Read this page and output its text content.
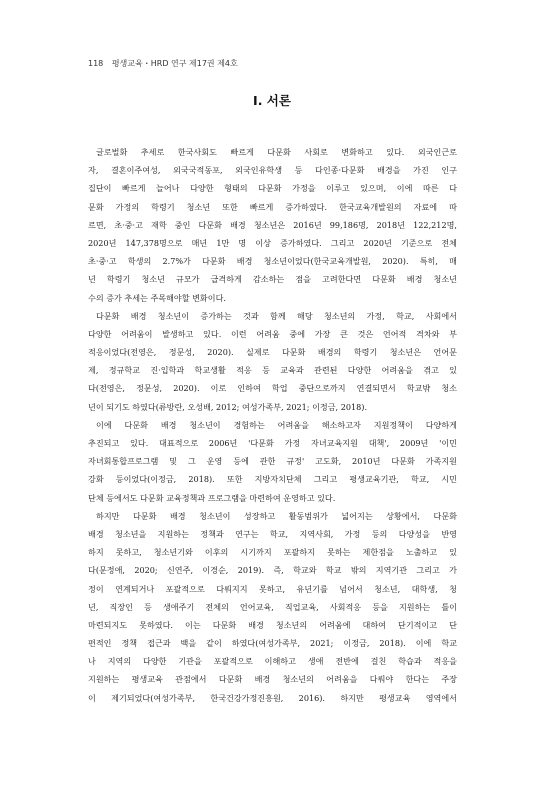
118 평생교육・HRD 연구 제17권 제4호
Ⅰ. 서론
글로벌화 추세로 한국사회도 빠르게 다문화 사회로 변화하고 있다. 외국인근로
자, 결혼이주여성, 외국국적동포, 외국인유학생 등 다인종·다문화 배경을 가진 인구
집단이 빠르게 늘어나 다양한 형태의 다문화 가정을 이루고 있으며, 이에 따른 다
문화 가정의 학령기 청소년 또한 빠르게 증가하였다. 한국교육개발원의 자료에 따
르면, 초·중·고 재학 중인 다문화 배경 청소년은 2016년 99,186명, 2018년 122,212명,
2020년 147,378명으로 매년 1만 명 이상 증가하였다. 그리고 2020년 기준으로 전체
초·중·고 학생의 2.7%가 다문화 배경 청소년이었다(한국교육개발원, 2020). 특히, 매
년 학령기 청소년 규모가 급격하게 감소하는 점을 고려한다면 다문화 배경 청소년
수의 증가 추세는 주목해야할 변화이다.
다문화 배경 청소년이 증가하는 것과 함께 해당 청소년의 가정, 학교, 사회에서
다양한 어려움이 발생하고 있다. 이런 어려움 중에 가장 큰 것은 언어적 격차와 부
적응이었다(전영은, 정문성, 2020). 실제로 다문화 배경의 학령기 청소년은 언어문
제, 정규학교 진·입학과 학교생활 적응 등 교육과 관련된 다양한 어려움을 겪고 있
다(전영은, 정문성, 2020). 이로 인하여 학업 중단으로까지 연결되면서 학교밖 청소
년이 되기도 하였다(류방란, 오성배, 2012; 여성가족부, 2021; 이정금, 2018).
이에 다문화 배경 청소년이 경험하는 어려움을 해소하고자 지원정책이 다양하게
추진되고 있다. 대표적으로 2006년 '다문화 가정 자녀교육지원 대책', 2009년 '이민
자녀회통합프로그램 및 그 운영 등에 관한 규정' 고도화, 2010년 다문화 가족지원
강화 등이었다(이정금, 2018). 또한 지방자치단체 그리고 평생교육기관, 학교, 시민
단체 등에서도 다문화 교육정책과 프로그램을 마련하여 운영하고 있다.
하지만 다문화 배경 청소년이 성장하고 활동범위가 넓어지는 상황에서, 다문화
배경 청소년을 지원하는 정책과 연구는 학교, 지역사회, 가정 등의 다양성을 반영
하지 못하고, 청소년기와 이후의 시기까지 포괄하지 못하는 제한점을 노출하고 있
다(문정애, 2020; 신연주, 이경순, 2019). 즉, 학교와 학교 밖의 지역기관 그리고 가
정이 연계되거나 포괄적으로 다뤄지지 못하고, 유년기를 넘어서 청소년, 대학생, 청
년, 직장인 등 생애주기 전체의 언어교육, 직업교육, 사회적응 등을 지원하는 틀이
마련되지도 못하였다. 이는 다문화 배경 청소년의 어려움에 대하여 단기적이고 단
편적인 정책 접근과 백을 같이 하였다(여성가족부, 2021; 이정금, 2018). 이에 학교
나 지역의 다양한 기관을 포괄적으로 이해하고 생애 전반에 걸친 학습과 적응을
지원하는 평생교육 관점에서 다문화 배경 청소년의 어려움을 다뤄야 한다는 주장
이 제기되었다(여성가족부, 한국건강가정진흥원, 2016). 하지만 평생교육 영역에서
